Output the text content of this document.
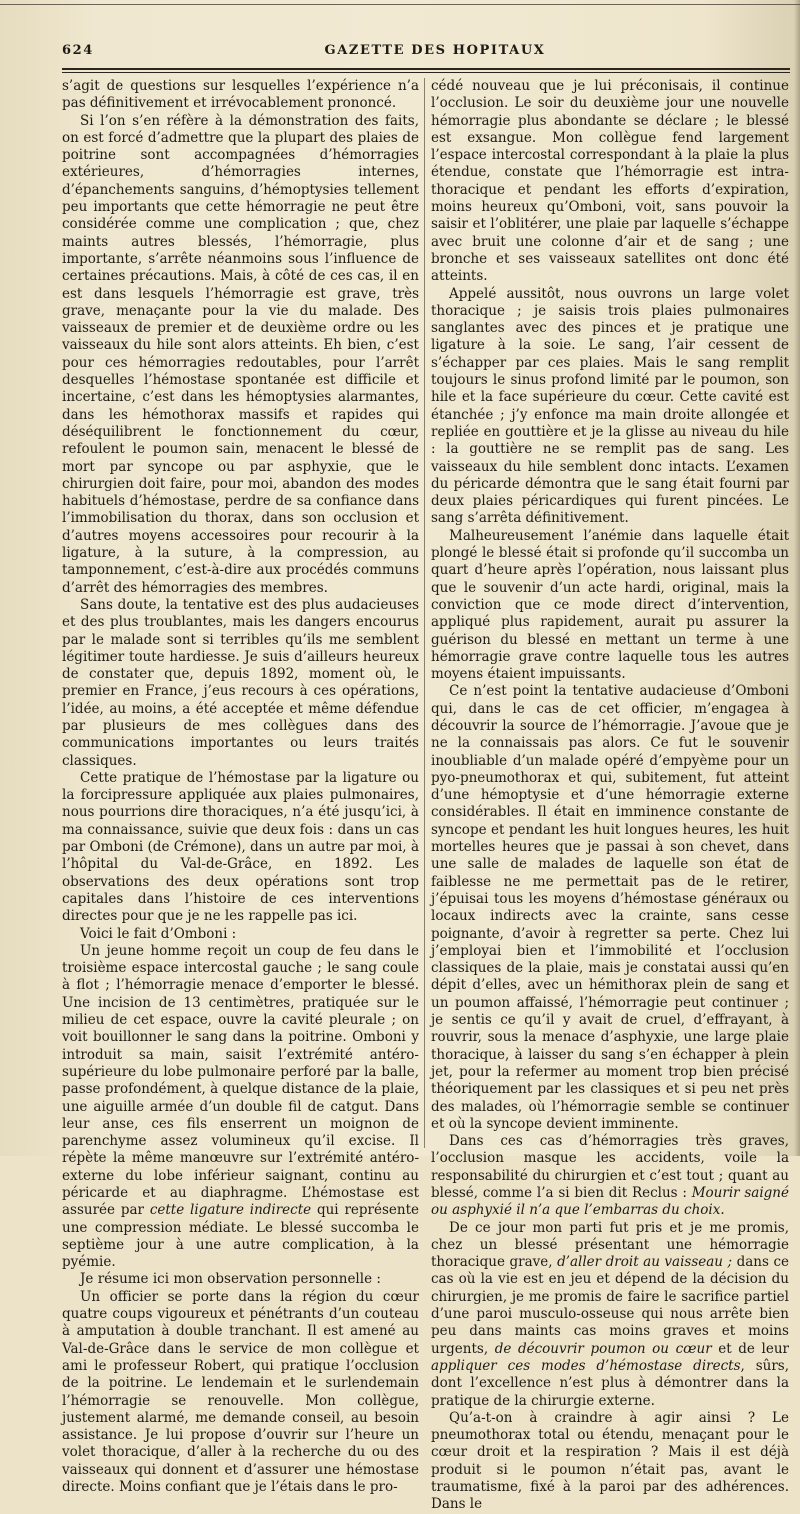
624	GAZETTE DES HOPITAUX

s’agit de questions sur lesquelles l’expérience n’a pas définitivement et irrévocablement prononcé.

Si l’on s’en réfère à la démonstration des faits, on est forcé d’admettre que la plupart des plaies de poitrine sont accompagnées d’hémorragies extérieures, d’hémorragies internes, d’épanchements sanguins, d’hémoptysies tellement peu importants que cette hémorragie ne peut être considérée comme une complication ; que, chez maints autres blessés, l’hémorragie, plus importante, s’arrête néanmoins sous l’influence de certaines précautions. Mais, à côté de ces cas, il en est dans lesquels l’hémorragie est grave, très grave, menaçante pour la vie du malade. Des vaisseaux de premier et de deuxième ordre ou les vaisseaux du hile sont alors atteints. Eh bien, c’est pour ces hémorragies redoutables, pour l’arrêt desquelles l’hémostase spontanée est difficile et incertaine, c’est dans les hémoptysies alarmantes, dans les hémothorax massifs et rapides qui déséquilibrent le fonctionnement du cœur, refoulent le poumon sain, menacent le blessé de mort par syncope ou par asphyxie, que le chirurgien doit faire, pour moi, abandon des modes habituels d’hémostase, perdre de sa confiance dans l’immobilisation du thorax, dans son occlusion et d’autres moyens accessoires pour recourir à la ligature, à la suture, à la compression, au tamponnement, c’est-à-dire aux procédés communs d’arrêt des hémorragies des membres.

Sans doute, la tentative est des plus audacieuses et des plus troublantes, mais les dangers encourus par le malade sont si terribles qu’ils me semblent légitimer toute hardiesse. Je suis d’ailleurs heureux de constater que, depuis 1892, moment où, le premier en France, j’eus recours à ces opérations, l’idée, au moins, a été acceptée et même défendue par plusieurs de mes collègues dans des communications importantes ou leurs traités classiques.

Cette pratique de l’hémostase par la ligature ou la forcipressure appliquée aux plaies pulmonaires, nous pourrions dire thoraciques, n’a été jusqu’ici, à ma connaissance, suivie que deux fois : dans un cas par Omboni (de Crémone), dans un autre par moi, à l’hôpital du Val-de-Grâce, en 1892. Les observations des deux opérations sont trop capitales dans l’histoire de ces interventions directes pour que je ne les rappelle pas ici.

Voici le fait d’Omboni :

Un jeune homme reçoit un coup de feu dans le troisième espace intercostal gauche ; le sang coule à flot ; l’hémorragie menace d’emporter le blessé. Une incision de 13 centimètres, pratiquée sur le milieu de cet espace, ouvre la cavité pleurale ; on voit bouillonner le sang dans la poitrine. Omboni y introduit sa main, saisit l’extrémité antéro-supérieure du lobe pulmonaire perforé par la balle, passe profondément, à quelque distance de la plaie, une aiguille armée d’un double fil de catgut. Dans leur anse, ces fils enserrent un moignon de parenchyme assez volumineux qu’il excise. Il répète la même manœuvre sur l’extrémité antéro-externe du lobe inférieur saignant, continu au péricarde et au diaphragme. L’hémostase est assurée par cette ligature indirecte qui représente une compression médiate. Le blessé succomba le septième jour à une autre complication, à la pyémie.

Je résume ici mon observation personnelle :

Un officier se porte dans la région du cœur quatre coups vigoureux et pénétrants d’un couteau à amputation à double tranchant. Il est amené au Val-de-Grâce dans le service de mon collègue et ami le professeur Robert, qui pratique l’occlusion de la poitrine. Le lendemain et le surlendemain l’hémorragie se renouvelle. Mon collègue, justement alarmé, me demande conseil, au besoin assistance. Je lui propose d’ouvrir sur l’heure un volet thoracique, d’aller à la recherche du ou des vaisseaux qui donnent et d’assurer une hémostase directe. Moins confiant que je l’étais dans le pro-

cédé nouveau que je lui préconisais, il continue l’occlusion. Le soir du deuxième jour une nouvelle hémorragie plus abondante se déclare ; le blessé est exsangue. Mon collègue fend largement l’espace intercostal correspondant à la plaie la plus étendue, constate que l’hémorragie est intra-thoracique et pendant les efforts d’expiration, moins heureux qu’Omboni, voit, sans pouvoir la saisir et l’oblitérer, une plaie par laquelle s’échappe avec bruit une colonne d’air et de sang ; une bronche et ses vaisseaux satellites ont donc été atteints.

Appelé aussitôt, nous ouvrons un large volet thoracique ; je saisis trois plaies pulmonaires sanglantes avec des pinces et je pratique une ligature à la soie. Le sang, l’air cessent de s’échapper par ces plaies. Mais le sang remplit toujours le sinus profond limité par le poumon, son hile et la face supérieure du cœur. Cette cavité est étanchée ; j’y enfonce ma main droite allongée et repliée en gouttière et je la glisse au niveau du hile : la gouttière ne se remplit pas de sang. Les vaisseaux du hile semblent donc intacts. L’examen du péricarde démontra que le sang était fourni par deux plaies péricardiques qui furent pincées. Le sang s’arrêta définitivement.

Malheureusement l’anémie dans laquelle était plongé le blessé était si profonde qu’il succomba un quart d’heure après l’opération, nous laissant plus que le souvenir d’un acte hardi, original, mais la conviction que ce mode direct d’intervention, appliqué plus rapidement, aurait pu assurer la guérison du blessé en mettant un terme à une hémorragie grave contre laquelle tous les autres moyens étaient impuissants.

Ce n’est point la tentative audacieuse d’Omboni qui, dans le cas de cet officier, m’engagea à découvrir la source de l’hémorragie. J’avoue que je ne la connaissais pas alors. Ce fut le souvenir inoubliable d’un malade opéré d’empyème pour un pyo-pneumothorax et qui, subitement, fut atteint d’une hémoptysie et d’une hémorragie externe considérables. Il était en imminence constante de syncope et pendant les huit longues heures, les huit mortelles heures que je passai à son chevet, dans une salle de malades de laquelle son état de faiblesse ne me permettait pas de le retirer, j’épuisai tous les moyens d’hémostase généraux ou locaux indirects avec la crainte, sans cesse poignante, d’avoir à regretter sa perte. Chez lui j’employai bien et l’immobilité et l’occlusion classiques de la plaie, mais je constatai aussi qu’en dépit d’elles, avec un hémithorax plein de sang et un poumon affaissé, l’hémorragie peut continuer ; je sentis ce qu’il y avait de cruel, d’effrayant, à rouvrir, sous la menace d’asphyxie, une large plaie thoracique, à laisser du sang s’en échapper à plein jet, pour la refermer au moment trop bien précisé théoriquement par les classiques et si peu net près des malades, où l’hémorragie semble se continuer et où la syncope devient imminente.

Dans ces cas d’hémorragies très graves, l’occlusion masque les accidents, voile la responsabilité du chirurgien et c’est tout ; quant au blessé, comme l’a si bien dit Reclus : Mourir saigné ou asphyxié il n’a que l’embarras du choix.

De ce jour mon parti fut pris et je me promis, chez un blessé présentant une hémorragie thoracique grave, d’aller droit au vaisseau ; dans ce cas où la vie est en jeu et dépend de la décision du chirurgien, je me promis de faire le sacrifice partiel d’une paroi musculo-osseuse qui nous arrête bien peu dans maints cas moins graves et moins urgents, de découvrir poumon ou cœur et de leur appliquer ces modes d’hémostase directs, sûrs, dont l’excellence n’est plus à démontrer dans la pratique de la chirurgie externe.

Qu’a-t-on à craindre à agir ainsi ? Le pneumothorax total ou étendu, menaçant pour le cœur droit et la respiration ? Mais il est déjà produit si le poumon n’était pas, avant le traumatisme, fixé à la paroi par des adhérences. Dans le
